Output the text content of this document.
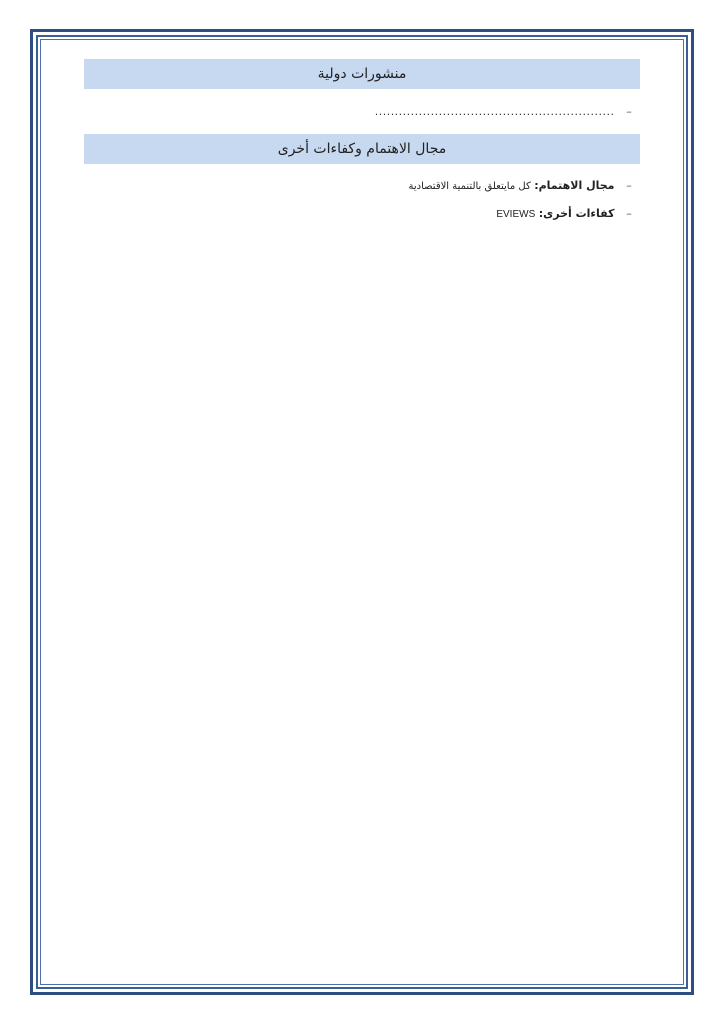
منشورات دولية
– ............................................................
مجال الاهتمام وكفاءات أخرى
– مجال الاهتمام: كل مايتعلق بالتنمية الاقتصادية
– كفاءات أخرى: EVIEWS
